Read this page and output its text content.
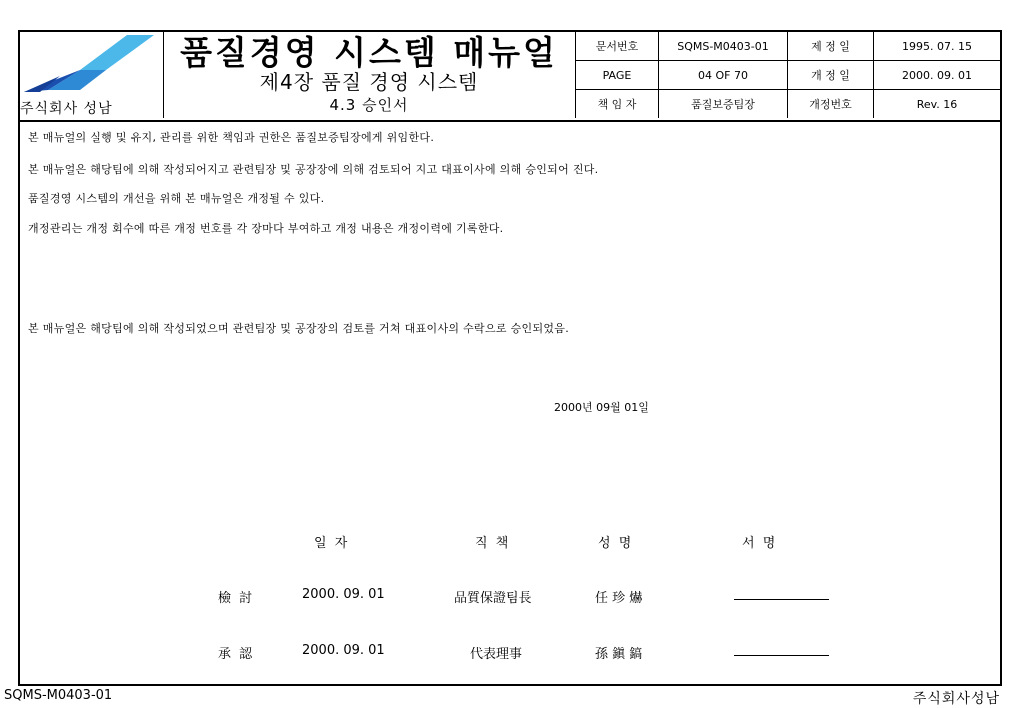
주식회사 성남
품질경영 시스템 매뉴얼
제4장 품질 경영 시스템
4.3 승인서
문서번호	SQMS-M0403-01	제 정 일	1995. 07. 15
PAGE	04 OF 70	개 정 일	2000. 09. 01
책 임 자	품질보증팀장	개정번호	Rev. 16
본 매뉴얼의 실행 및 유지, 관리를 위한 책임과 권한은 품질보증팀장에게 위임한다.
본 매뉴얼은 해당팀에 의해 작성되어지고 관련팀장 및 공장장에 의해 검토되어 지고 대표이사에 의해 승인되어 진다.
품질경영 시스템의 개선을 위해 본 매뉴얼은 개정될 수 있다.
개정관리는 개정 회수에 따른 개정 번호를 각 장마다 부여하고 개정 내용은 개정이력에 기록한다.
본 매뉴얼은 해당팀에 의해 작성되었으며 관련팀장 및 공장장의 검토를 거쳐 대표이사의 수락으로 승인되었음.
2000년 09월 01일
일 자	직 책	성 명	서 명
檢 討	2000. 09. 01	品質保證팀長	任 珍 爀
承 認	2000. 09. 01	代表理事	孫 鎭 鎬
SQMS-M0403-01	주식회사성남
